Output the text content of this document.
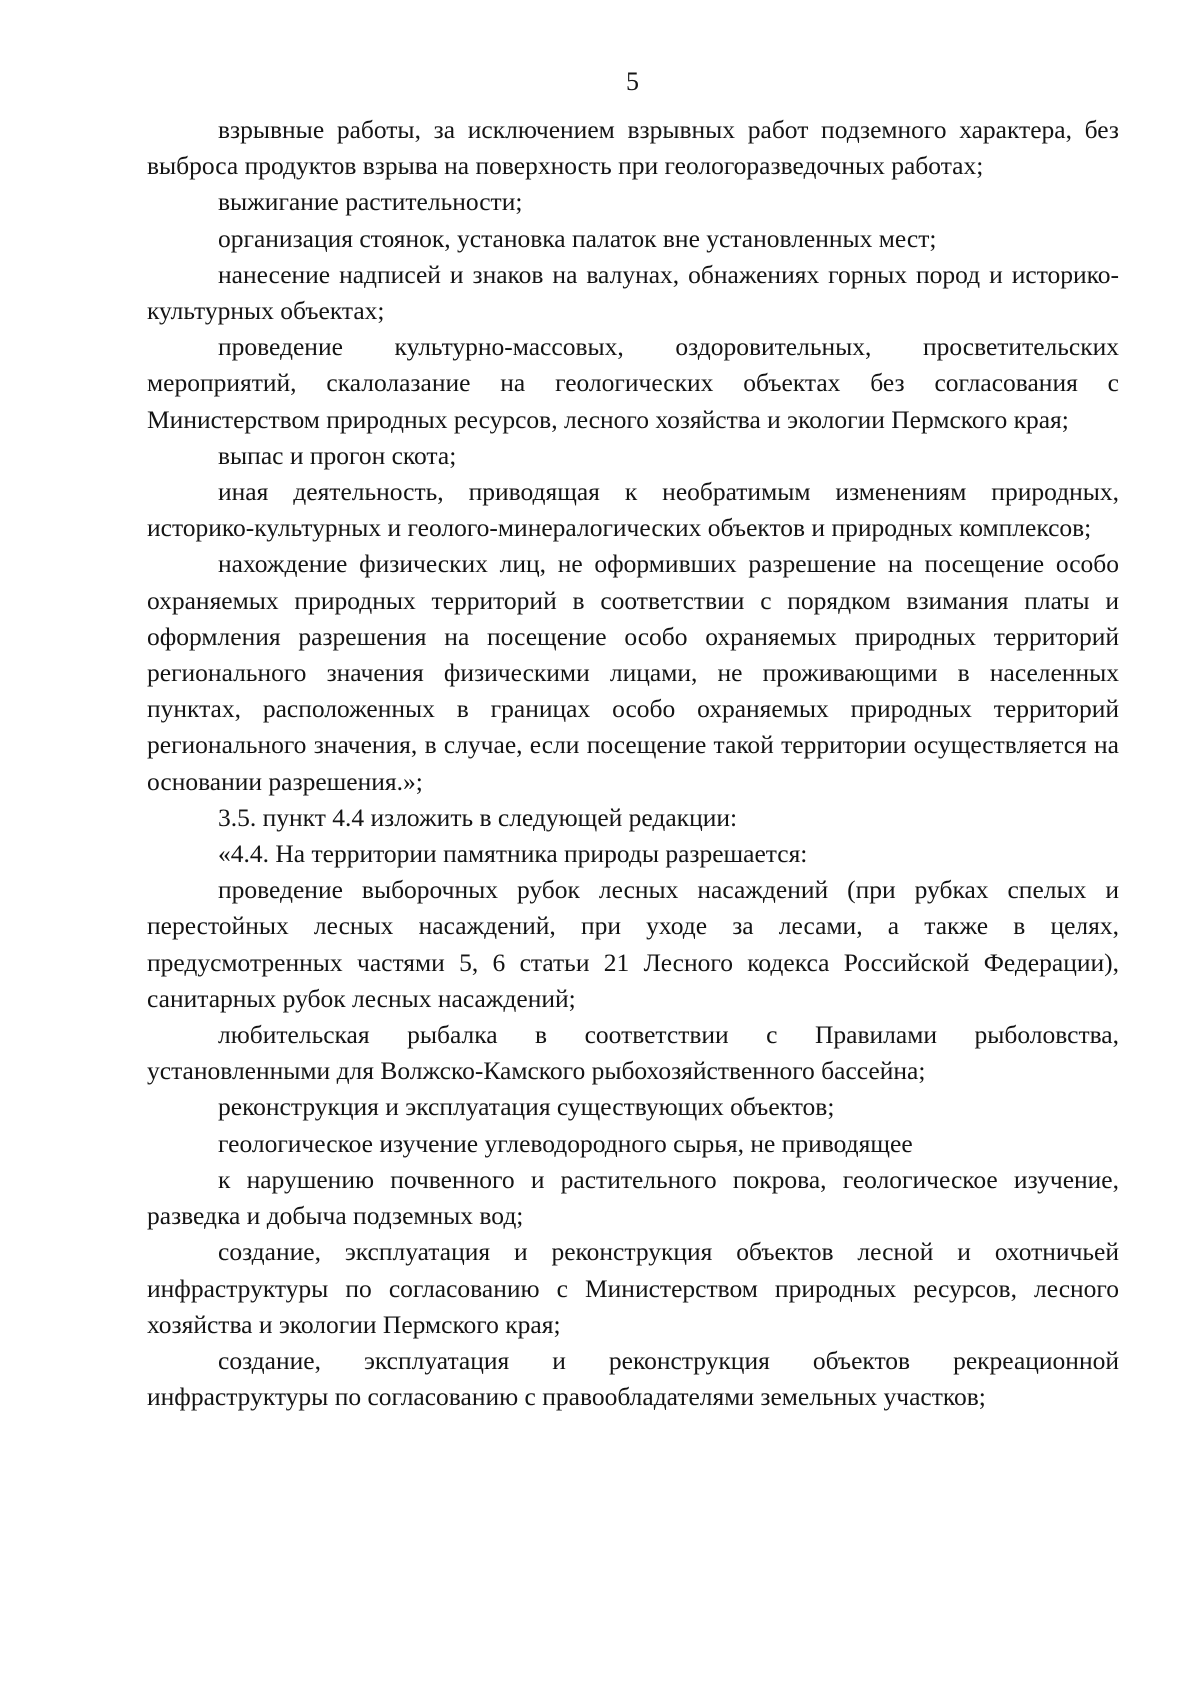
5

взрывные работы, за исключением взрывных работ подземного характера, без выброса продуктов взрыва на поверхность при геологоразведочных работах;

выжигание растительности;

организация стоянок, установка палаток вне установленных мест;

нанесение надписей и знаков на валунах, обнажениях горных пород и историко-культурных объектах;

проведение культурно-массовых, оздоровительных, просветительских мероприятий, скалолазание на геологических объектах без согласования с Министерством природных ресурсов, лесного хозяйства и экологии Пермского края;

выпас и прогон скота;

иная деятельность, приводящая к необратимым изменениям природных, историко-культурных и геолого-минералогических объектов и природных комплексов;

нахождение физических лиц, не оформивших разрешение на посещение особо охраняемых природных территорий в соответствии с порядком взимания платы и оформления разрешения на посещение особо охраняемых природных территорий регионального значения физическими лицами, не проживающими в населенных пунктах, расположенных в границах особо охраняемых природных территорий регионального значения, в случае, если посещение такой территории осуществляется на основании разрешения.»;

3.5. пункт 4.4 изложить в следующей редакции:

«4.4. На территории памятника природы разрешается:

проведение выборочных рубок лесных насаждений (при рубках спелых и перестойных лесных насаждений, при уходе за лесами, а также в целях, предусмотренных частями 5, 6 статьи 21 Лесного кодекса Российской Федерации), санитарных рубок лесных насаждений;

любительская рыбалка в соответствии с Правилами рыболовства, установленными для Волжско-Камского рыбохозяйственного бассейна;

реконструкция и эксплуатация существующих объектов;

геологическое изучение углеводородного сырья, не приводящее

к нарушению почвенного и растительного покрова, геологическое изучение, разведка и добыча подземных вод;

создание, эксплуатация и реконструкция объектов лесной и охотничьей инфраструктуры по согласованию с Министерством природных ресурсов, лесного хозяйства и экологии Пермского края;

создание, эксплуатация и реконструкция объектов рекреационной инфраструктуры по согласованию с правообладателями земельных участков;
